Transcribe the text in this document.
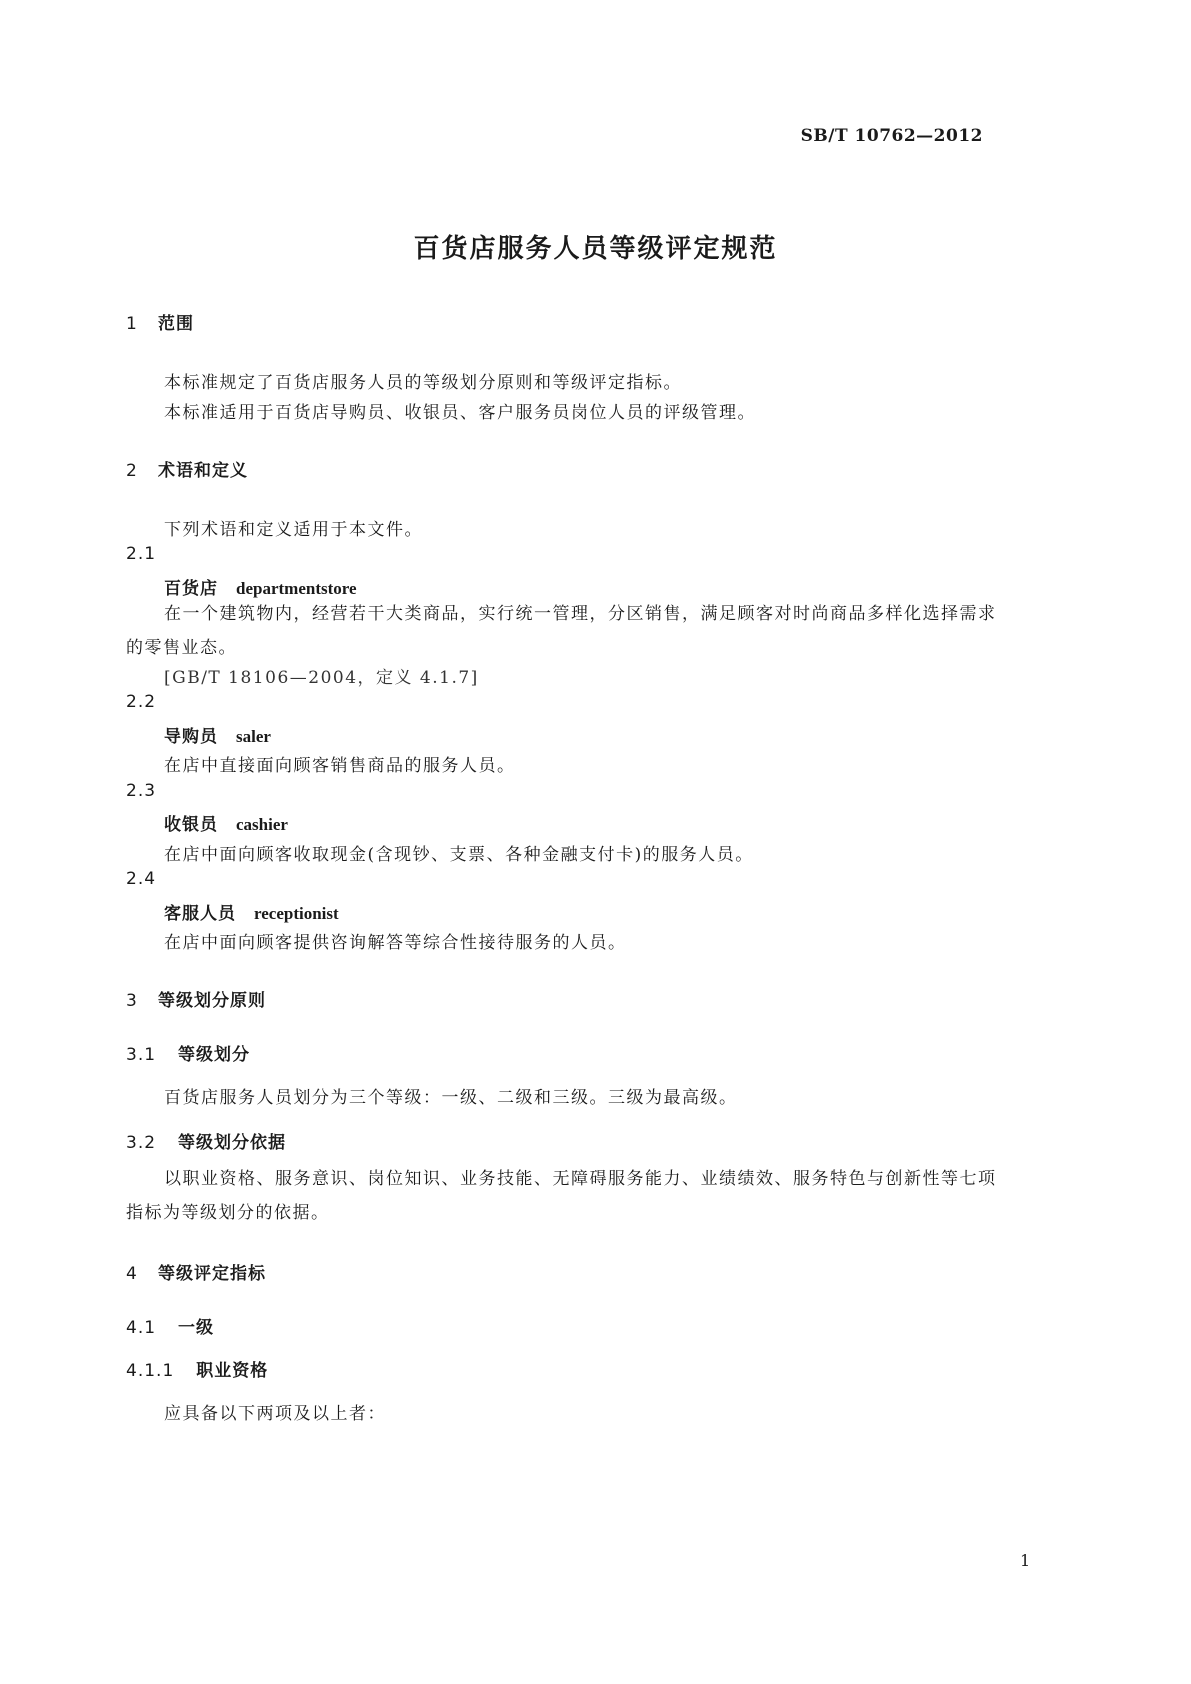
SB/T 10762—2012
百货店服务人员等级评定规范
1 范围
本标准规定了百货店服务人员的等级划分原则和等级评定指标。
本标准适用于百货店导购员、收银员、客户服务员岗位人员的评级管理。
2 术语和定义
下列术语和定义适用于本文件。
2.1
百货店 departmentstore
在一个建筑物内，经营若干大类商品，实行统一管理，分区销售，满足顾客对时尚商品多样化选择需求的零售业态。
[GB/T 18106—2004，定义 4.1.7]
2.2
导购员 saler
在店中直接面向顾客销售商品的服务人员。
2.3
收银员 cashier
在店中面向顾客收取现金(含现钞、支票、各种金融支付卡)的服务人员。
2.4
客服人员 receptionist
在店中面向顾客提供咨询解答等综合性接待服务的人员。
3 等级划分原则
3.1 等级划分
百货店服务人员划分为三个等级：一级、二级和三级。三级为最高级。
3.2 等级划分依据
以职业资格、服务意识、岗位知识、业务技能、无障碍服务能力、业绩绩效、服务特色与创新性等七项指标为等级划分的依据。
4 等级评定指标
4.1 一级
4.1.1 职业资格
应具备以下两项及以上者：
1
